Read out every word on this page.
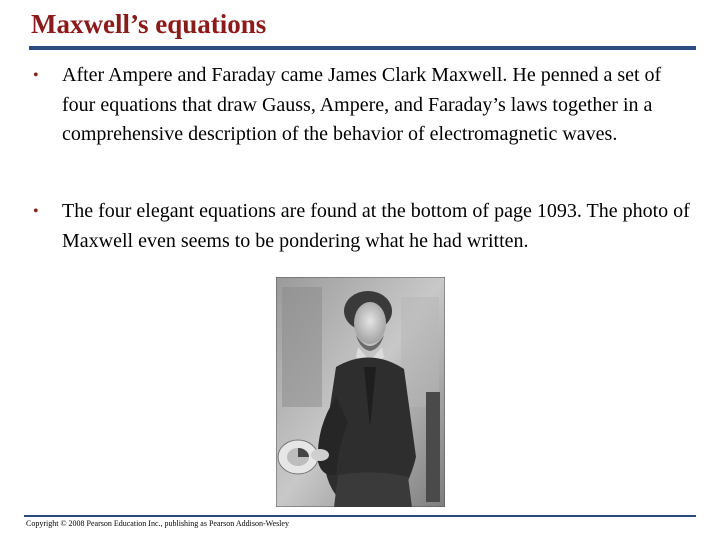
Maxwell’s equations
• After Ampere and Faraday came James Clark Maxwell. He penned a set of four equations that draw Gauss, Ampere, and Faraday’s laws together in a comprehensive description of the behavior of electromagnetic waves.
• The four elegant equations are found at the bottom of page 1093. The photo of Maxwell even seems to be pondering what he had written.
Copyright © 2008 Pearson Education Inc., publishing as Pearson Addison-Wesley
